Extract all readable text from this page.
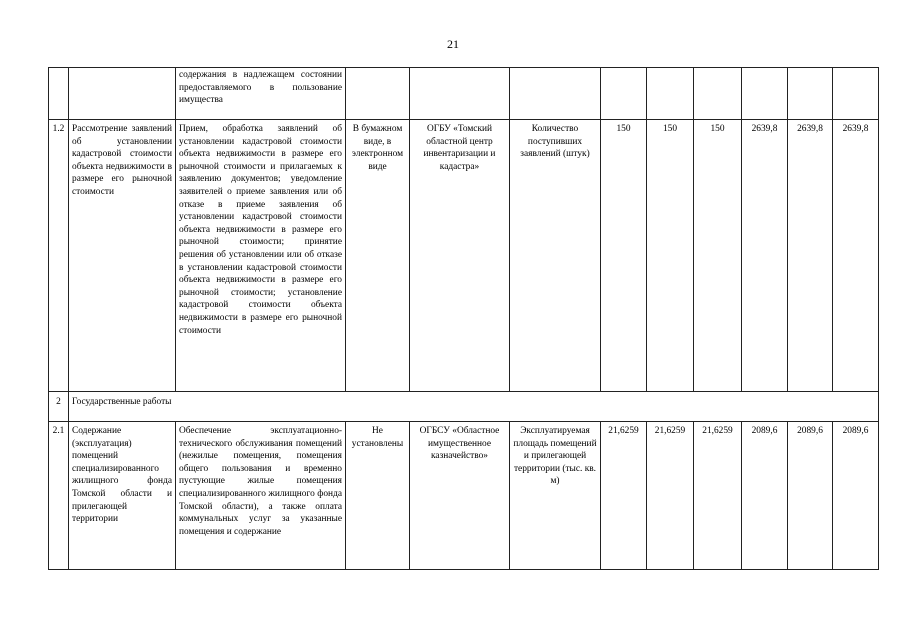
21
		содержания в надлежащем состоянии предоставляемого в пользование имущества									
1.2	Рассмотрение заявлений об установлении кадастровой стоимости объекта недвижимости в размере его рыночной стоимости	Прием, обработка заявлений об установлении кадастровой стоимости объекта недвижимости в размере его рыночной стоимости и прилагаемых к заявлению документов; уведомление заявителей о приеме заявления или об отказе в приеме заявления об установлении кадастровой стоимости объекта недвижимости в размере его рыночной стоимости; принятие решения об установлении или об отказе в установлении кадастровой стоимости объекта недвижимости в размере его рыночной стоимости; установление кадастровой стоимости объекта недвижимости в размере его рыночной стоимости	В бумажном виде, в электронном виде	ОГБУ «Томский областной центр инвентаризации и кадастра»	Количество поступивших заявлений (штук)	150	150	150	2639,8	2639,8	2639,8
2	Государственные работы										
2.1	Содержание (эксплуатация) помещений специализированного жилищного фонда Томской области и прилегающей территории	Обеспечение эксплуатационно-технического обслуживания помещений (нежилые помещения, помещения общего пользования и временно пустующие жилые помещения специализированного жилищного фонда Томской области), а также оплата коммунальных услуг за указанные помещения и содержание	Не установлены	ОГБСУ «Областное имущественное казначейство»	Эксплуатируемая площадь помещений и прилегающей территории (тыс. кв. м)	21,6259	21,6259	21,6259	2089,6	2089,6	2089,6
